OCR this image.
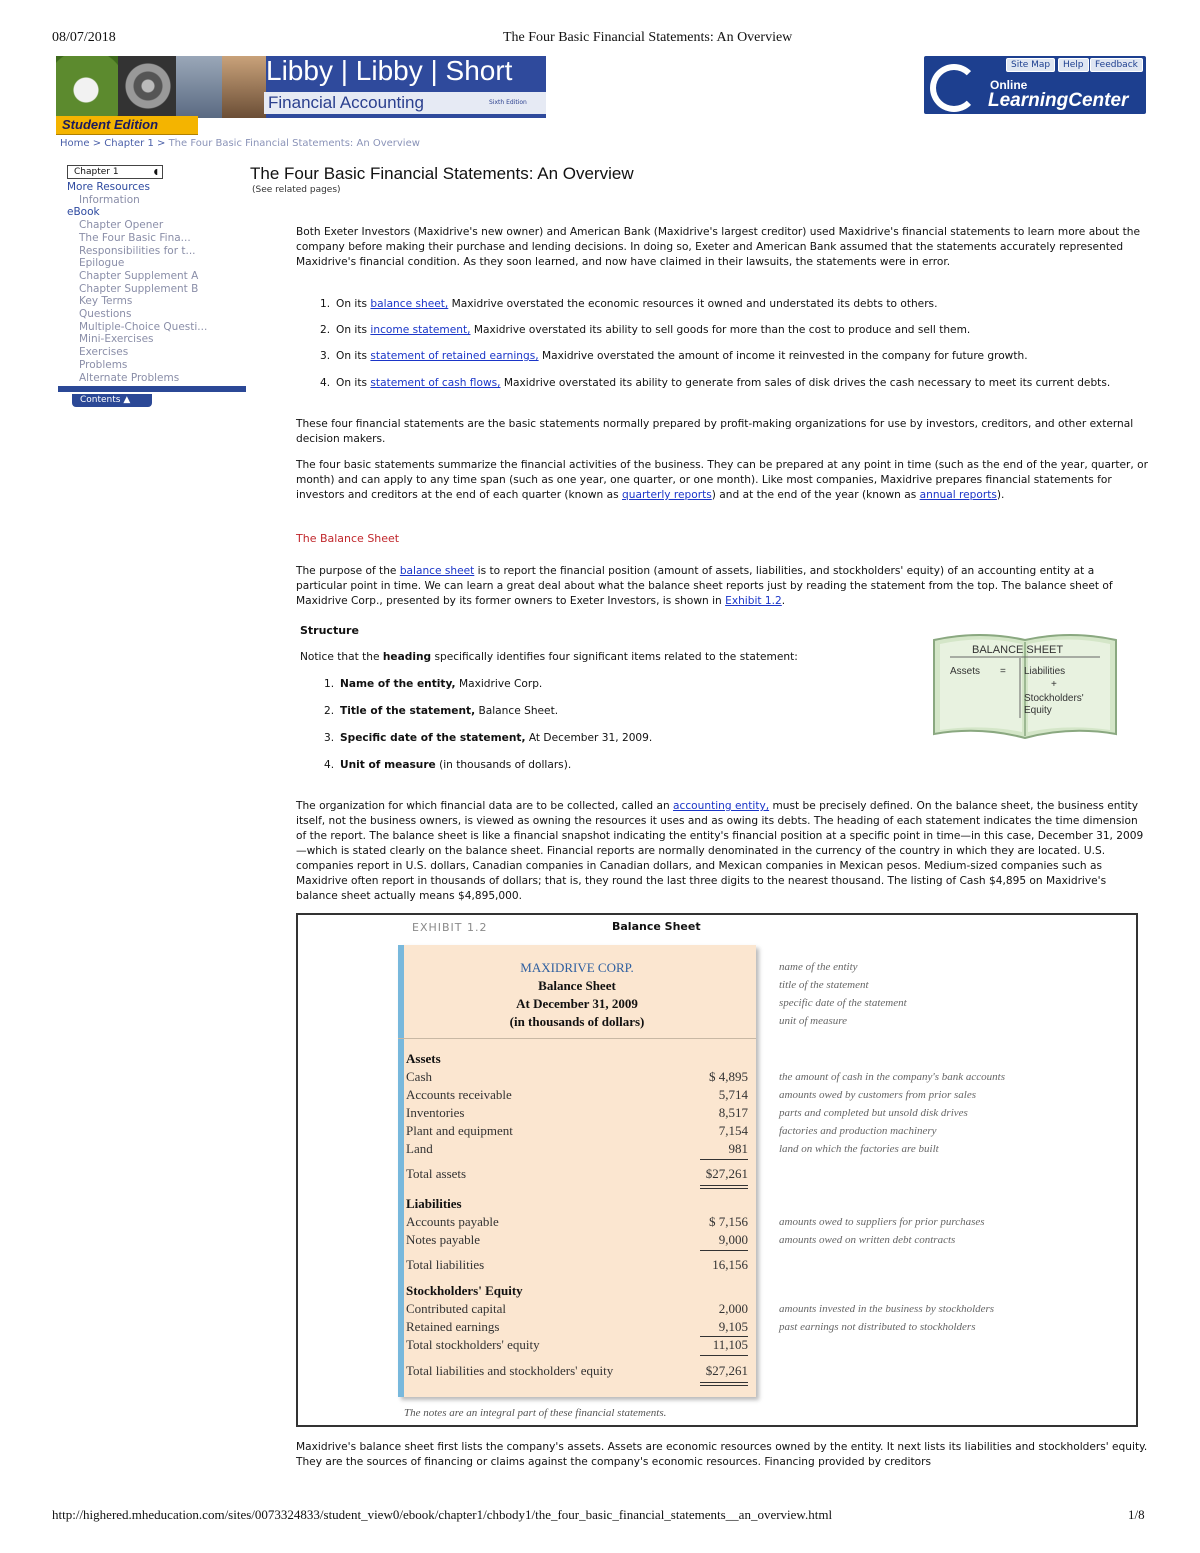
08/07/2018	The Four Basic Financial Statements: An Overview
http://highered.mheducation.com/sites/0073324833/student_view0/ebook/chapter1/chbody1/the_four_basic_financial_statements__an_overview.html	1/8
Libby | Libby | Short
Financial Accounting	Sixth Edition
Student Edition
Site Map	Help	Feedback
Online
LearningCenter
Home > Chapter 1 > The Four Basic Financial Statements: An Overview
Chapter 1	◖
More Resources
Information
eBook
Chapter Opener
The Four Basic Fina...
Responsibilities for t...
Epilogue
Chapter Supplement A
Chapter Supplement B
Key Terms
Questions
Multiple-Choice Questi...
Mini-Exercises
Exercises
Problems
Alternate Problems
Contents ▲
The Four Basic Financial Statements: An Overview
(See related pages)
Both Exeter Investors (Maxidrive's new owner) and American Bank (Maxidrive's largest creditor) used Maxidrive's financial statements to learn more about the company before making their purchase and lending decisions. In doing so, Exeter and American Bank assumed that the statements accurately represented Maxidrive's financial condition. As they soon learned, and now have claimed in their lawsuits, the statements were in error.
1. On its balance sheet, Maxidrive overstated the economic resources it owned and understated its debts to others.
2. On its income statement, Maxidrive overstated its ability to sell goods for more than the cost to produce and sell them.
3. On its statement of retained earnings, Maxidrive overstated the amount of income it reinvested in the company for future growth.
4. On its statement of cash flows, Maxidrive overstated its ability to generate from sales of disk drives the cash necessary to meet its current debts.
These four financial statements are the basic statements normally prepared by profit-making organizations for use by investors, creditors, and other external decision makers.
The four basic statements summarize the financial activities of the business. They can be prepared at any point in time (such as the end of the year, quarter, or month) and can apply to any time span (such as one year, one quarter, or one month). Like most companies, Maxidrive prepares financial statements for investors and creditors at the end of each quarter (known as quarterly reports) and at the end of the year (known as annual reports).
The Balance Sheet
The purpose of the balance sheet is to report the financial position (amount of assets, liabilities, and stockholders' equity) of an accounting entity at a particular point in time. We can learn a great deal about what the balance sheet reports just by reading the statement from the top. The balance sheet of Maxidrive Corp., presented by its former owners to Exeter Investors, is shown in Exhibit 1.2.
Structure
Notice that the heading specifically identifies four significant items related to the statement:
1. Name of the entity, Maxidrive Corp.
2. Title of the statement, Balance Sheet.
3. Specific date of the statement, At December 31, 2009.
4. Unit of measure (in thousands of dollars).
BALANCE SHEET
Assets = Liabilities
+
Stockholders'
Equity
The organization for which financial data are to be collected, called an accounting entity, must be precisely defined. On the balance sheet, the business entity itself, not the business owners, is viewed as owning the resources it uses and as owing its debts. The heading of each statement indicates the time dimension of the report. The balance sheet is like a financial snapshot indicating the entity's financial position at a specific point in time—in this case, December 31, 2009—which is stated clearly on the balance sheet. Financial reports are normally denominated in the currency of the country in which they are located. U.S. companies report in U.S. dollars, Canadian companies in Canadian dollars, and Mexican companies in Mexican pesos. Medium-sized companies such as Maxidrive often report in thousands of dollars; that is, they round the last three digits to the nearest thousand. The listing of Cash $4,895 on Maxidrive's balance sheet actually means $4,895,000.
EXHIBIT 1.2	Balance Sheet
MAXIDRIVE CORP.
Balance Sheet
At December 31, 2009
(in thousands of dollars)
name of the entity
title of the statement
specific date of the statement
unit of measure
Assets
Cash	$ 4,895	the amount of cash in the company's bank accounts
Accounts receivable	5,714	amounts owed by customers from prior sales
Inventories	8,517	parts and completed but unsold disk drives
Plant and equipment	7,154	factories and production machinery
Land	981	land on which the factories are built
Total assets	$27,261
Liabilities
Accounts payable	$ 7,156	amounts owed to suppliers for prior purchases
Notes payable	9,000	amounts owed on written debt contracts
Total liabilities	16,156
Stockholders' Equity
Contributed capital	2,000	amounts invested in the business by stockholders
Retained earnings	9,105	past earnings not distributed to stockholders
Total stockholders' equity	11,105
Total liabilities and stockholders' equity	$27,261
The notes are an integral part of these financial statements.
Maxidrive's balance sheet first lists the company's assets. Assets are economic resources owned by the entity. It next lists its liabilities and stockholders' equity. They are the sources of financing or claims against the company's economic resources. Financing provided by creditors
